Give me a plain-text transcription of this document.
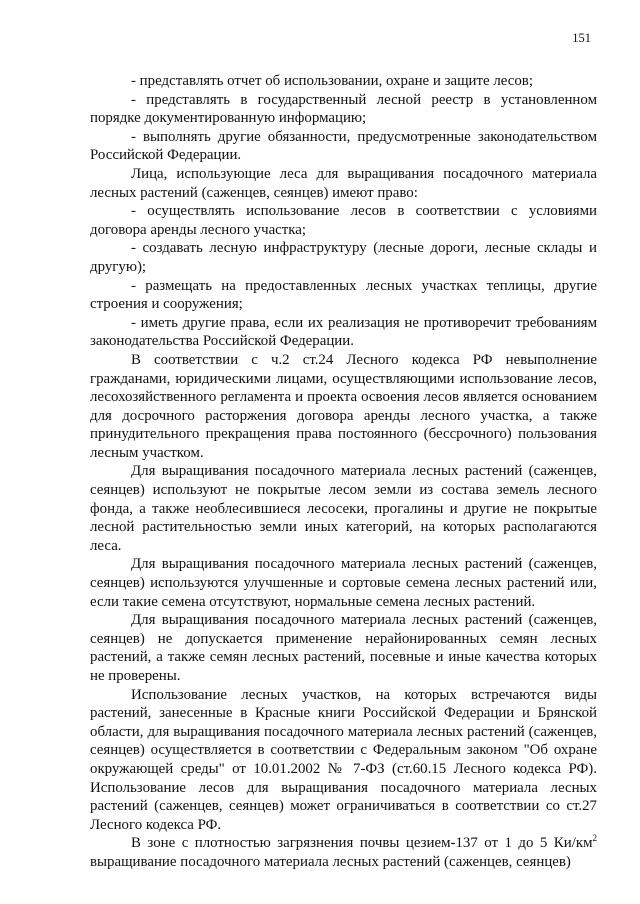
151

- представлять отчет об использовании, охране и защите лесов;

- представлять в государственный лесной реестр в установленном порядке документированную информацию;

- выполнять другие обязанности, предусмотренные законодательством Российской Федерации.

Лица, использующие леса для выращивания посадочного материала лесных растений (саженцев, сеянцев) имеют право:

- осуществлять использование лесов в соответствии с условиями договора аренды лесного участка;

- создавать лесную инфраструктуру (лесные дороги, лесные склады и другую);

- размещать на предоставленных лесных участках теплицы, другие строения и сооружения;

- иметь другие права, если их реализация не противоречит требованиям законодательства Российской Федерации.

В соответствии с ч.2 ст.24 Лесного кодекса РФ невыполнение гражданами, юридическими лицами, осуществляющими использование лесов, лесохозяйственного регламента и проекта освоения лесов является основанием для досрочного расторжения договора аренды лесного участка, а также принудительного прекращения права постоянного (бессрочного) пользования лесным участком.

Для выращивания посадочного материала лесных растений (саженцев, сеянцев) используют не покрытые лесом земли из состава земель лесного фонда, а также необлесившиеся лесосеки, прогалины и другие не покрытые лесной растительностью земли иных категорий, на которых располагаются леса.

Для выращивания посадочного материала лесных растений (саженцев, сеянцев) используются улучшенные и сортовые семена лесных растений или, если такие семена отсутствуют, нормальные семена лесных растений.

Для выращивания посадочного материала лесных растений (саженцев, сеянцев) не допускается применение нерайонированных семян лесных растений, а также семян лесных растений, посевные и иные качества которых не проверены.

Использование лесных участков, на которых встречаются виды растений, занесенные в Красные книги Российской Федерации и Брянской области, для выращивания посадочного материала лесных растений (саженцев, сеянцев) осуществляется в соответствии с Федеральным законом "Об охране окружающей среды" от 10.01.2002 № 7-ФЗ (ст.60.15 Лесного кодекса РФ). Использование лесов для выращивания посадочного материала лесных растений (саженцев, сеянцев) может ограничиваться в соответствии со ст.27 Лесного кодекса РФ.

В зоне с плотностью загрязнения почвы цезием-137 от 1 до 5 $Ки/км^2$ выращивание посадочного материала лесных растений (саженцев, сеянцев)
